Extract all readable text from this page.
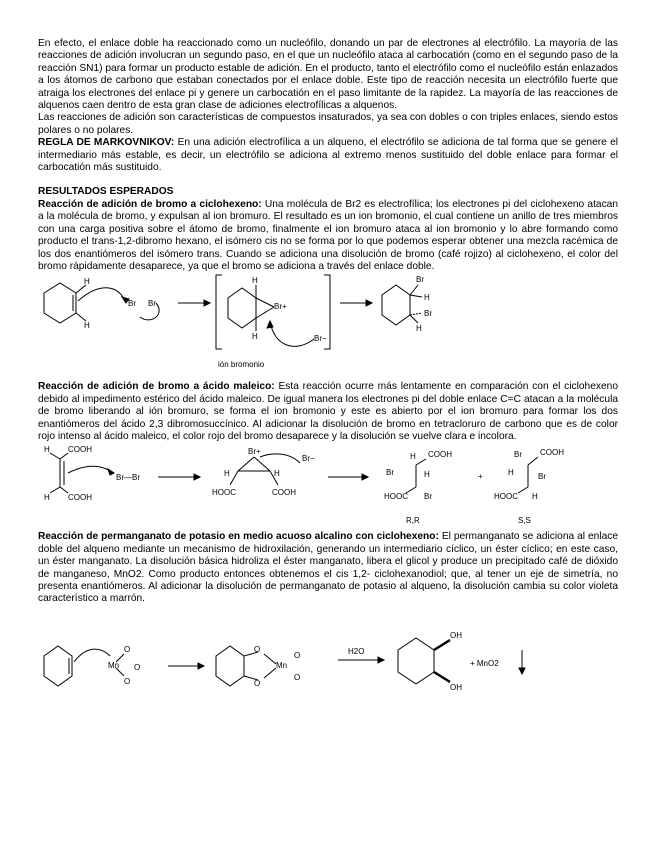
En efecto, el enlace doble ha reaccionado como un nucleófilo, donando un par de electrones al electrófilo. La mayoría de las reacciones de adición involucran un segundo paso, en el que un nucleófilo ataca al carbocatión (como en el segundo paso de la reacción SN1) para formar un producto estable de adición. En el producto, tanto el electrófilo como el nucleófilo están enlazados a los átomos de carbono que estaban conectados por el enlace doble. Este tipo de reacción necesita un electrófilo fuerte que atraiga los electrones del enlace pi y genere un carbocatión en el paso limitante de la rapidez. La mayoría de las reacciones de alquenos caen dentro de esta gran clase de adiciones electrofílicas a alquenos.

Las reacciones de adición son características de compuestos insaturados, ya sea con dobles o con triples enlaces, siendo estos polares o no polares.

REGLA DE MARKOVNIKOV: En una adición electrofílica a un alqueno, el electrófilo se adiciona de tal forma que se genere el intermediario más estable, es decir, un electrófilo se adiciona al extremo menos sustituido del doble enlace para formar el carbocatión más sustituido.

RESULTADOS ESPERADOS

Reacción de adición de bromo a ciclohexeno: Una molécula de Br2 es electrofílica; los electrones pi del ciclohexeno atacan a la molécula de bromo, y expulsan al ion bromuro. El resultado es un ion bromonio, el cual contiene un anillo de tres miembros con una carga positiva sobre el átomo de bromo, finalmente el ion bromuro ataca al ion bromonio y lo abre formando como producto el trans-1,2-dibromo hexano, el isómero cis no se forma por lo que podemos esperar obtener una mezcla racémica de los dos enantiómeros del isómero trans. Cuando se adiciona una disolución de bromo (café rojizo) al ciclohexeno, el color del bromo rápidamente desaparece, ya que el bromo se adiciona a través del enlace doble.

H
H
Br Br
H
H
Br+
Br−
Br
H
Br
H
ión bromonio

Reacción de adición de bromo a ácido maleico: Esta reacción ocurre más lentamente en comparación con el ciclohexeno debido al impedimento estérico del ácido maleico. De igual manera los electrones pi del doble enlace C=C atacan a la molécula de bromo liberando al ión bromuro, se forma el ion bromonio y este es abierto por el ion bromuro para formar los dos enantiómeros del ácido 2,3 dibromosuccínico. Al adicionar la disolución de bromo en tetracloruro de carbono que es de color rojo intenso al ácido maleico, el color rojo del bromo desaparece y la disolución se vuelve clara e incolora.

H COOH
H COOH
Br—Br
Br+
H	H
HOOC	COOH
Br−	H COOH
Br	H
HOOC Br
+
Br COOH
H	Br
HOOC H
R,R	S,S

Reacción de permanganato de potasio en medio acuoso alcalino con ciclohexeno: El permanganato se adiciona al enlace doble del alqueno mediante un mecanismo de hidroxilación, generando un intermediario cíclico, un éster cíclico; en este caso, un éster manganato. La disolución básica hidroliza el éster manganato, libera el glicol y produce un precipitado café de dióxido de manganeso, MnO2. Como producto entonces obtenemos el cis 1,2- ciclohexanodiol; que, al tener un eje de simetría, no presenta enantiómeros. Al adicionar la disolución de permanganato de potasio al alqueno, la disolución cambia su color violeta característico a marrón.

Mn
O
O
O
O
O
Mn
O
O
H2O
OH
OH
+ MnO2
